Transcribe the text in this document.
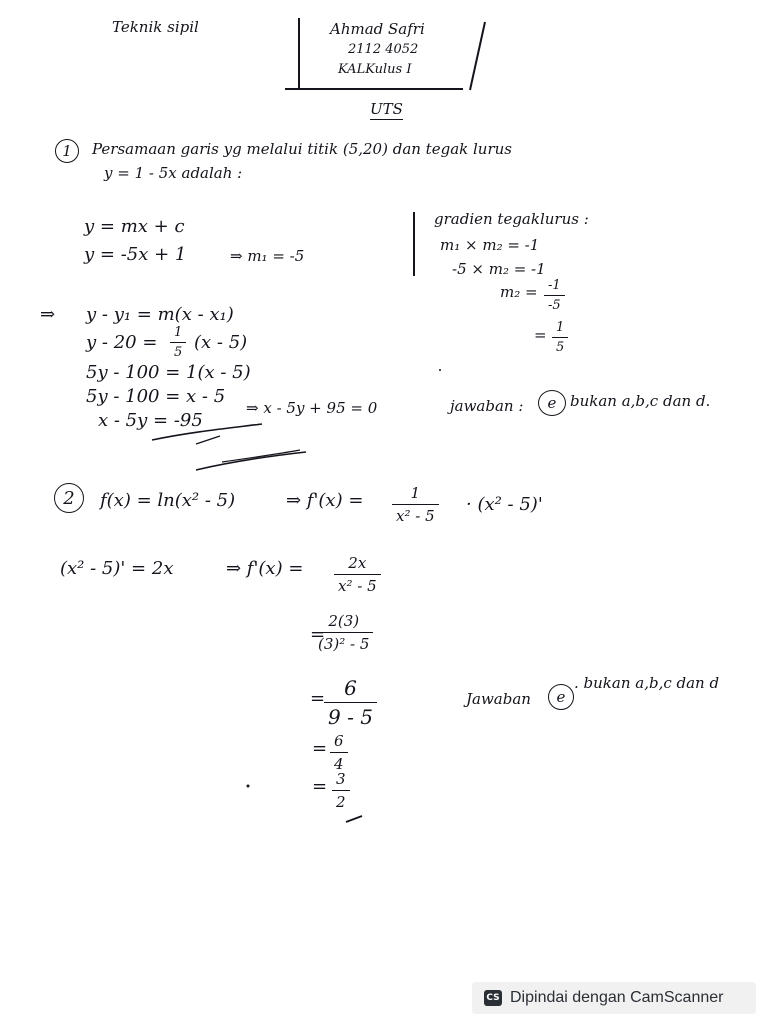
Teknik sipil	Ahmad Safri
2112 4052
KALKulus I
UTS
1 Persamaan garis yg melalui titik (5,20) dan tegak lurus
y = 1 - 5x adalah :
y = mx + c
y = -5x + 1	⇒ m₁ = -5
gradien tegaklurus :
m₁ × m₂ = -1
-5 × m₂ = -1
$m_2 = \frac{-1}{-5}$
= $\frac{1}{5}$
⇒ y - y₁ = m(x - x₁)
$y - 20 = \frac{1}{5} (x - 5)$
5y - 100 = 1(x - 5)
5y - 100 = x - 5
x - 5y = -95
⇒ x - 5y + 95 = 0	jawaban : e bukan a,b,c dan d.
2 f(x) = ln(x² - 5)	⇒ $f'(x) = \frac{1}{\text{x² - 5}} \cdot (x^2 - 5)'$
(x² - 5)' = 2x	⇒ $f'(x) = \frac{2x}{\text{x² - 5}}$
=
$\frac{2(3)}{\text{(3)² - 5}}$
=
$\frac{6}{9 - 5}$
= $\frac{6}{4}$
= $\frac{3}{2}$
Jawaban e
. bukan a,b,c dan d
CS Dipindai dengan CamScanner
